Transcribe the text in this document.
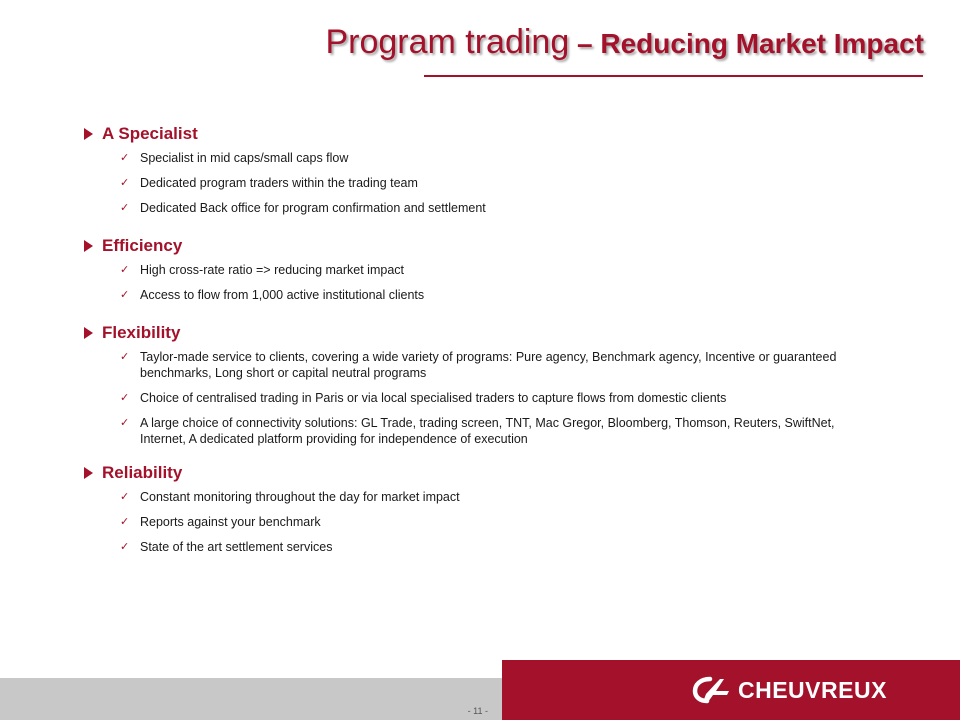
Program trading – Reducing Market Impact
A Specialist
✓ Specialist in mid caps/small caps flow
✓ Dedicated program traders within the trading team
✓ Dedicated Back office for program confirmation and settlement
Efficiency
✓ High cross-rate ratio => reducing market impact
✓ Access to flow from 1,000 active institutional clients
Flexibility
✓ Taylor-made service to clients, covering a wide variety of programs: Pure agency, Benchmark agency, Incentive or guaranteed benchmarks, Long short or capital neutral programs
✓ Choice of centralised trading in Paris or via local specialised traders to capture flows from domestic clients
✓ A large choice of connectivity solutions: GL Trade, trading screen, TNT, Mac Gregor, Bloomberg, Thomson, Reuters, SwiftNet, Internet, A dedicated platform providing for independence of execution
Reliability
✓ Constant monitoring throughout the day for market impact
✓ Reports against your benchmark
✓ State of the art settlement services
- 11 -
CHEUVREUX
